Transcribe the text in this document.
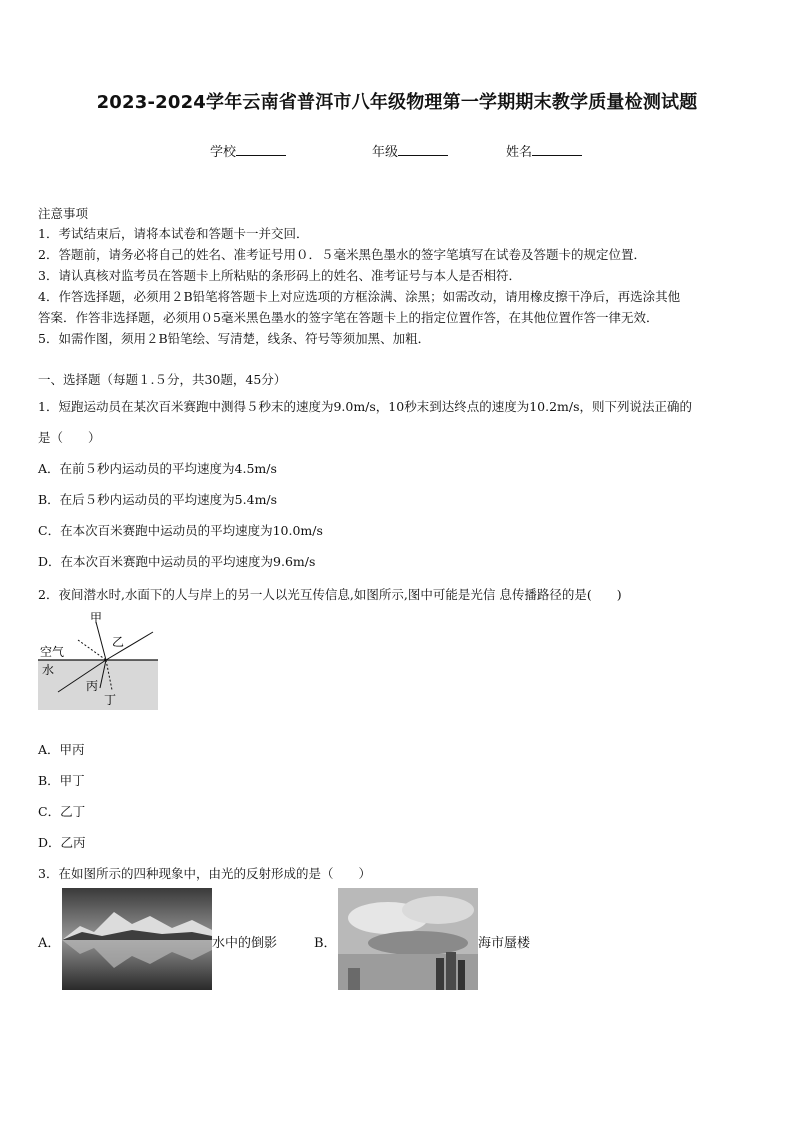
2023-2024学年云南省普洱市八年级物理第一学期期末教学质量检测试题
学校	年级	姓名
注意事项
1．考试结束后，请将本试卷和答题卡一并交回．
2．答题前，请务必将自己的姓名、准考证号用０．５毫米黑色墨水的签字笔填写在试卷及答题卡的规定位置．
3．请认真核对监考员在答题卡上所粘贴的条形码上的姓名、准考证号与本人是否相符．
4．作答选择题，必须用２B铅笔将答题卡上对应选项的方框涂满、涂黑；如需改动，请用橡皮擦干净后，再选涂其他
答案．作答非选择题，必须用０5毫米黑色墨水的签字笔在答题卡上的指定位置作答，在其他位置作答一律无效．
5．如需作图，须用２B铅笔绘、写清楚，线条、符号等须加黑、加粗．
一、选择题（每题１.５分，共30题，45分）
1．短跑运动员在某次百米赛跑中测得５秒末的速度为9.0m/s，10秒末到达终点的速度为10.2m/s，则下列说法正确的
是（　　）
A．在前５秒内运动员的平均速度为4.5m/s
B．在后５秒内运动员的平均速度为5.4m/s
C．在本次百米赛跑中运动员的平均速度为10.0m/s
D．在本次百米赛跑中运动员的平均速度为9.6m/s
2．夜间潜水时,水面下的人与岸上的另一人以光互传信息,如图所示,图中可能是光信 息传播路径的是(　　)
甲
乙
空气
水
丙
丁
A．甲丙
B．甲丁
C．乙丁
D．乙丙
3．在如图所示的四种现象中，由光的反射形成的是（　　）
A．	水中的倒影	B．	海市蜃楼
